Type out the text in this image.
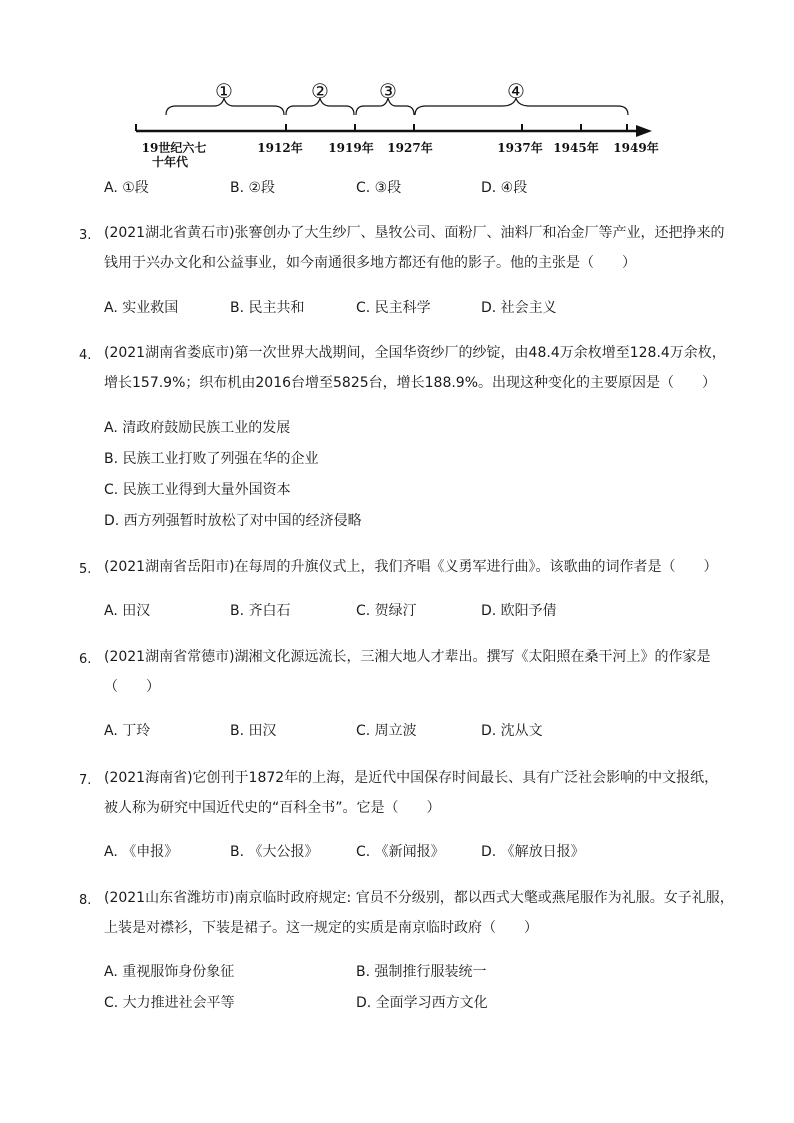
①	②	③	④
19世纪六七
十年代
1912年 1919年 1927年	1937年 1945年 1949年
A. ①段	B. ②段	C. ③段	D. ④段
3. (2021湖北省黄石市)张謇创办了大生纱厂、垦牧公司、面粉厂、油料厂和冶金厂等产业，还把挣来的
钱用于兴办文化和公益事业，如今南通很多地方都还有他的影子。他的主张是（　　）
A. 实业救国	B. 民主共和	C. 民主科学	D. 社会主义
4. (2021湖南省娄底市)第一次世界大战期间，全国华资纱厂的纱锭，由48.4万余枚增至128.4万余枚，
增长157.9%；织布机由2016台增至5825台，增长188.9%。出现这种变化的主要原因是（　　）
A. 清政府鼓励民族工业的发展
B. 民族工业打败了列强在华的企业
C. 民族工业得到大量外国资本
D. 西方列强暂时放松了对中国的经济侵略
5. (2021湖南省岳阳市)在每周的升旗仪式上，我们齐唱《义勇军进行曲》。该歌曲的词作者是（　　）
A. 田汉	B. 齐白石	C. 贺绿汀	D. 欧阳予倩
6. (2021湖南省常德市)湖湘文化源远流长，三湘大地人才辈出。撰写《太阳照在桑干河上》的作家是
（　　）
A. 丁玲	B. 田汉	C. 周立波	D. 沈从文
7. (2021海南省)它创刊于1872年的上海，是近代中国保存时间最长、具有广泛社会影响的中文报纸，
被人称为研究中国近代史的“百科全书”。它是（　　）
A. 《申报》	B. 《大公报》	C. 《新闻报》	D. 《解放日报》
8. (2021山东省潍坊市)南京临时政府规定: 官员不分级别，都以西式大氅或燕尾服作为礼服。女子礼服，
上装是对襟衫，下装是裙子。这一规定的实质是南京临时政府（　　）
A. 重视服饰身份象征	B. 强制推行服装统一
C. 大力推进社会平等	D. 全面学习西方文化
